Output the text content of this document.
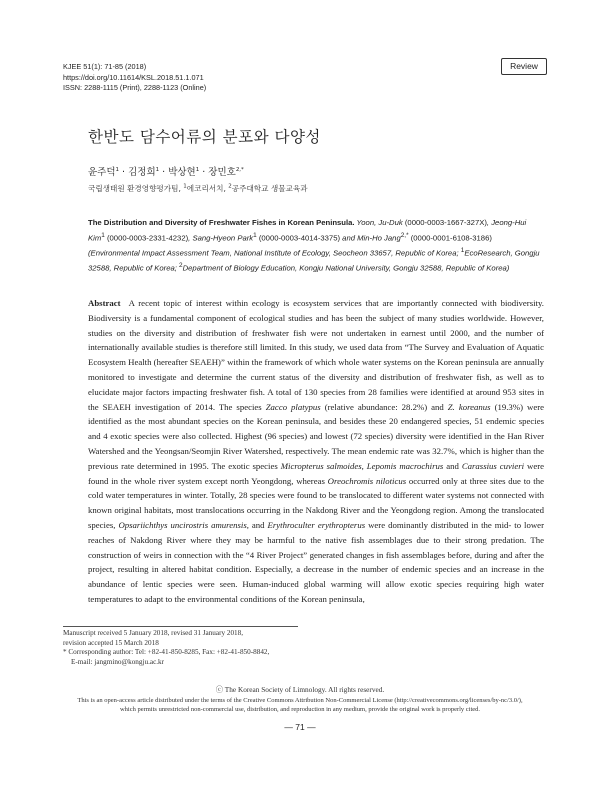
KJEE 51(1): 71-85 (2018)
https://doi.org/10.11614/KSL.2018.51.1.071
ISSN: 2288-1115 (Print), 2288-1123 (Online)
Review
한반도 담수어류의 분포와 다양성
윤주덕$^1$ · 김정희$^1$ · 박상현$^1$ · 장민호$^{2,*}$
국립생태원 환경영향평가팀, $^1$에코리서치, $^2$공주대학교 생물교육과
The Distribution and Diversity of Freshwater Fishes in Korean Peninsula. Yoon, Ju-Duk (0000-0003-1667-327X), Jeong-Hui Kim$^1$ (0000-0003-2331-4232), Sang-Hyeon Park$^1$ (0000-0003-4014-3375) and Min-Ho Jang$^{2,*}$ (0000-0001-6108-3186) (Environmental Impact Assessment Team, National Institute of Ecology, Seocheon 33657, Republic of Korea; $^1$EcoResearch, Gongju 32588, Republic of Korea; $^2$Department of Biology Education, Kongju National University, Gongju 32588, Republic of Korea)
Abstract A recent topic of interest within ecology is ecosystem services that are importantly connected with biodiversity. Biodiversity is a fundamental component of ecological studies and has been the subject of many studies worldwide. However, studies on the diversity and distribution of freshwater fish were not undertaken in earnest until 2000, and the number of internationally available studies is therefore still limited. In this study, we used data from “The Survey and Evaluation of Aquatic Ecosystem Health (hereafter SEAEH)” within the framework of which whole water systems on the Korean peninsula are annually monitored to investigate and determine the current status of the diversity and distribution of freshwater fish, as well as to elucidate major factors impacting freshwater fish. A total of 130 species from 28 families were identified at around 953 sites in the SEAEH investigation of 2014. The species Zacco platypus (relative abundance: 28.2%) and Z. koreanus (19.3%) were identified as the most abundant species on the Korean peninsula, and besides these 20 endangered species, 51 endemic species and 4 exotic species were also collected. Highest (96 species) and lowest (72 species) diversity were identified in the Han River Watershed and the Yeongsan/Seomjin River Watershed, respectively. The mean endemic rate was 32.7%, which is higher than the previous rate determined in 1995. The exotic species Micropterus salmoides, Lepomis macrochirus and Carassius cuvieri were found in the whole river system except north Yeongdong, whereas Oreochromis niloticus occurred only at three sites due to the cold water temperatures in winter. Totally, 28 species were found to be translocated to different water systems not connected with known original habitats, most translocations occurring in the Nakdong River and the Yeongdong region. Among the translocated species, Opsariichthys uncirostris amurensis, and Erythroculter erythropterus were dominantly distributed in the mid- to lower reaches of Nakdong River where they may be harmful to the native fish assemblages due to their strong predation. The construction of weirs in connection with the “4 River Project” generated changes in fish assemblages before, during and after the project, resulting in altered habitat condition. Especially, a decrease in the number of endemic species and an increase in the abundance of lentic species were seen. Human-induced global warming will allow exotic species requiring high water temperatures to adapt to the environmental conditions of the Korean peninsula,
Manuscript received 5 January 2018, revised 31 January 2018,
revision accepted 15 March 2018
* Corresponding author: Tel: +82-41-850-8285, Fax: +82-41-850-8842,
E-mail: jangmino@kongju.ac.kr
ⓒ The Korean Society of Limnology. All rights reserved.
This is an open-access article distributed under the terms of the Creative Commons Attribution Non-Commercial License (http://creativecommons.org/licenses/by-nc/3.0/),
which permits unrestricted non-commercial use, distribution, and reproduction in any medium, provide the original work is properly cited.
— 71 —
